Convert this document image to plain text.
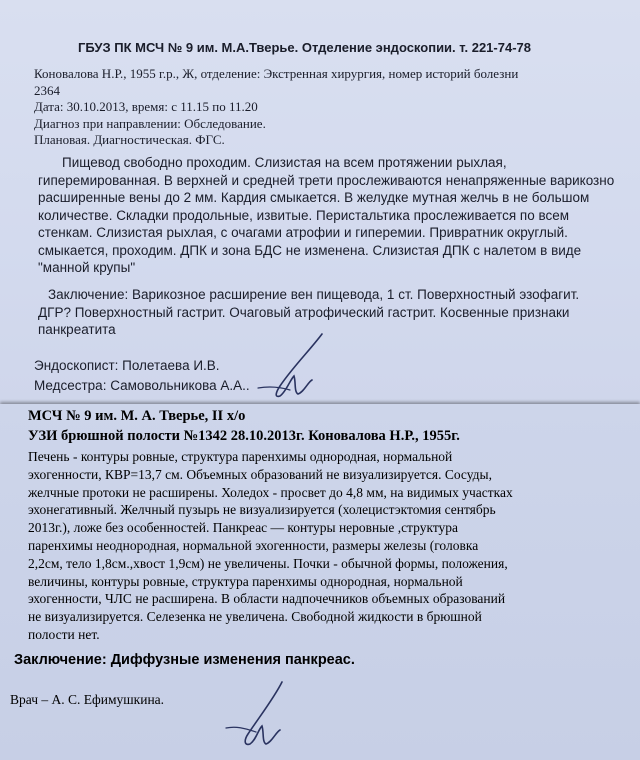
ГБУЗ ПК МСЧ № 9 им. М.А.Тверье. Отделение эндоскопии. т. 221-74-78
Коновалова Н.Р., 1955 г.р., Ж, отделение: Экстренная хирургия, номер историй болезни
2364
Дата: 30.10.2013, время: с 11.15 по 11.20
Диагноз при направлении: Обследование.
Плановая. Диагностическая. ФГС.
Пищевод свободно проходим. Слизистая на всем протяжении рыхлая,
гиперемированная. В верхней и средней трети прослеживаются ненапряженные варикозно
расширенные вены до 2 мм. Кардия смыкается. В желудке мутная желчь в не большом
количестве. Складки продольные, извитые. Перистальтика прослеживается по всем
стенкам. Слизистая рыхлая, с очагами атрофии и гиперемии. Привратник округлый.
смыкается, проходим. ДПК и зона БДС не изменена. Слизистая ДПК с налетом в виде
"манной крупы"
Заключение: Варикозное расширение вен пищевода, 1 ст. Поверхностный эзофагит.
ДГР? Поверхностный гастрит. Очаговый атрофический гастрит. Косвенные признаки
панкреатита
Эндоскопист: Полетаева И.В.
Медсестра: Самовольникова А.А..
МСЧ № 9 им. М. А. Тверье, II х/о
УЗИ брюшной полости №1342 28.10.2013г. Коновалова Н.Р., 1955г.
Печень - контуры ровные, структура паренхимы однородная, нормальной
эхогенности, КВР=13,7 см. Объемных образований не визуализируется. Сосуды,
желчные протоки не расширены. Холедох - просвет до 4,8 мм, на видимых участках
эхонегативный. Желчный пузырь не визуализируется (холецистэктомия сентябрь
2013г.), ложе без особенностей. Панкреас — контуры неровные ,структура
паренхимы неоднородная, нормальной эхогенности, размеры железы (головка
2,2см, тело 1,8см.,хвост 1,9см) не увеличены. Почки - обычной формы, положения,
величины, контуры ровные, структура паренхимы однородная, нормальной
эхогенности, ЧЛС не расширена. В области надпочечников объемных образований
не визуализируется. Селезенка не увеличена. Свободной жидкости в брюшной
полости нет.
Заключение: Диффузные изменения панкреас.
Врач – А. С. Ефимушкина.
